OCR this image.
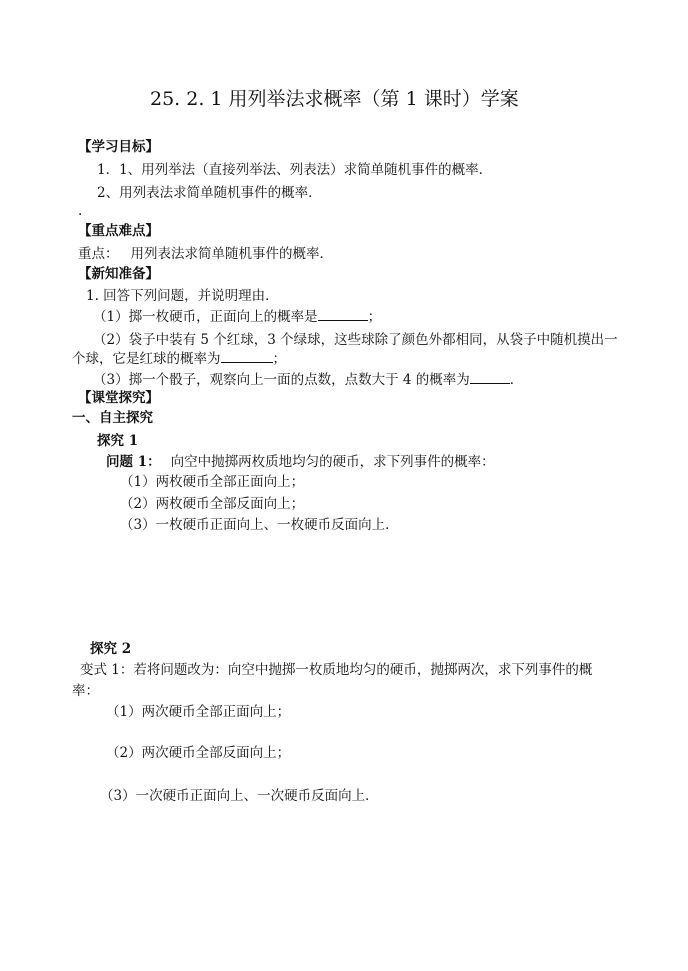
25. 2. 1 用列举法求概率（第 1 课时）学案
【学习目标】
1．1、用列举法（直接列举法、列表法）求简单随机事件的概率．
2、用列表法求简单随机事件的概率．
.
【重点难点】
重点： 用列表法求简单随机事件的概率．
【新知准备】
1. 回答下列问题，并说明理由．
（1）掷一枚硬币，正面向上的概率是	；
（2）袋子中装有 5 个红球，3 个绿球，这些球除了颜色外都相同，从袋子中随机摸出一
个球，它是红球的概率为	；
（3）掷一个骰子，观察向上一面的点数，点数大于 4 的概率为	．
【课堂探究】
一、自主探究
探究 1
问题 1： 向空中抛掷两枚质地均匀的硬币，求下列事件的概率：
（1）两枚硬币全部正面向上；
（2）两枚硬币全部反面向上；
（3）一枚硬币正面向上、一枚硬币反面向上．
探究 2
变式 1：若将问题改为：向空中抛掷一枚质地均匀的硬币，抛掷两次，求下列事件的概
率：
（1）两次硬币全部正面向上；
（2）两次硬币全部反面向上；
（3）一次硬币正面向上、一次硬币反面向上．
